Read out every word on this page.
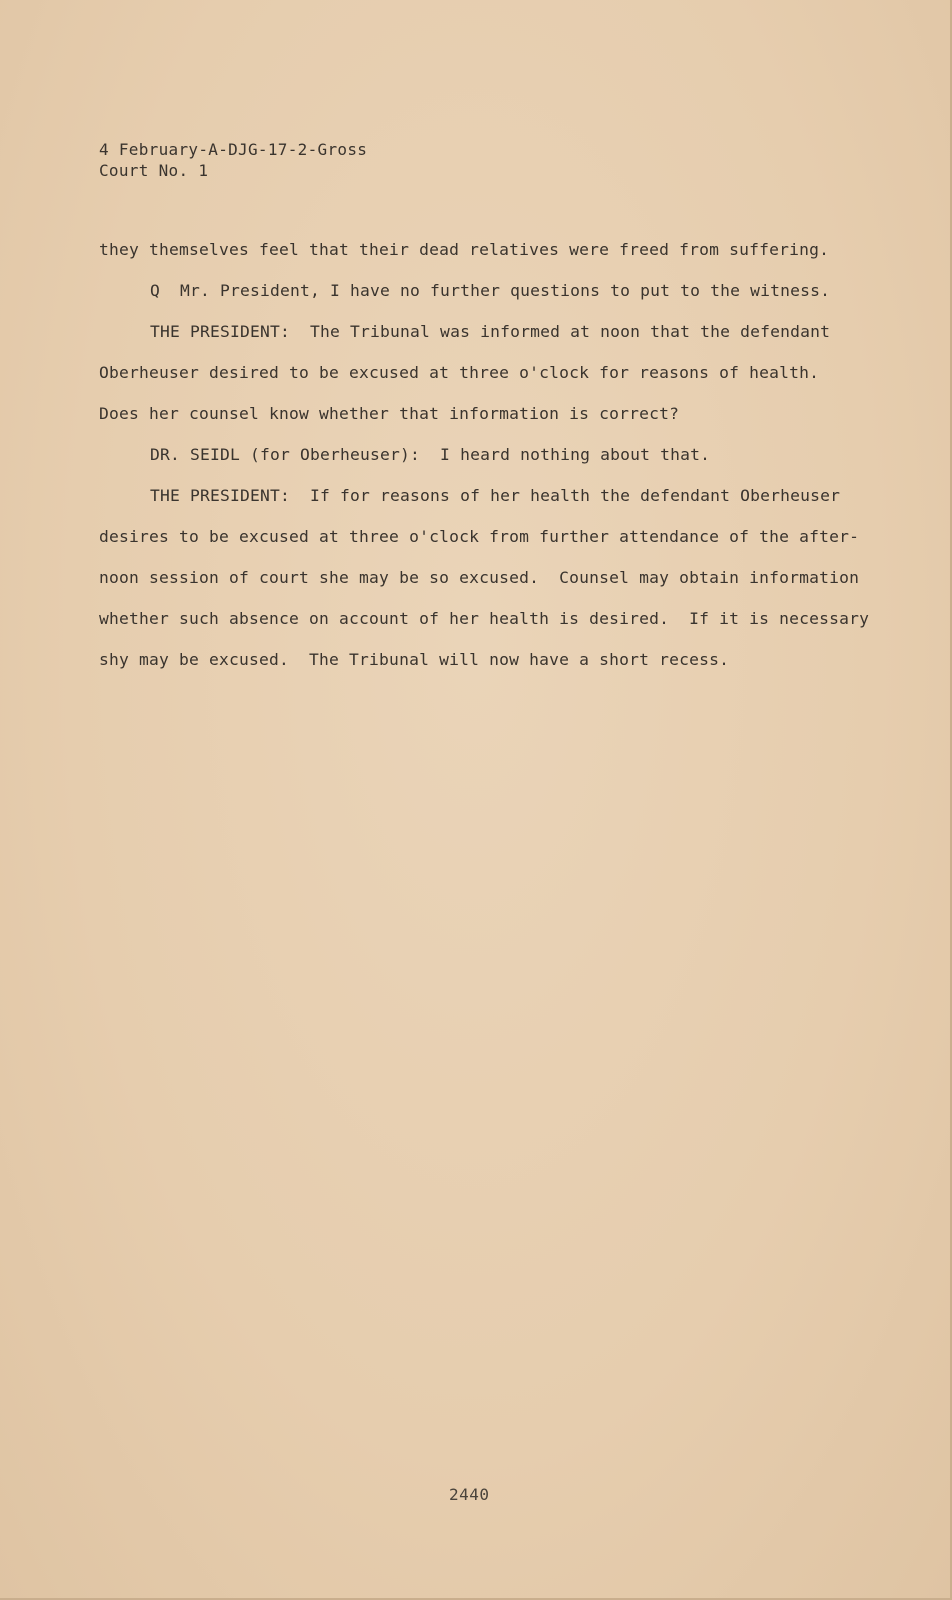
4 February-A-DJG-17-2-Gross
Court No. 1
they themselves feel that their dead relatives were freed from suffering.
Q  Mr. President, I have no further questions to put to the witness.
THE PRESIDENT:  The Tribunal was informed at noon that the defendant
Oberheuser desired to be excused at three o'clock for reasons of health.
Does her counsel know whether that information is correct?
DR. SEIDL (for Oberheuser):  I heard nothing about that.
THE PRESIDENT:  If for reasons of her health the defendant Oberheuser
desires to be excused at three o'clock from further attendance of the after-
noon session of court she may be so excused.  Counsel may obtain information
whether such absence on account of her health is desired.  If it is necessary
shy may be excused.  The Tribunal will now have a short recess.
2440
